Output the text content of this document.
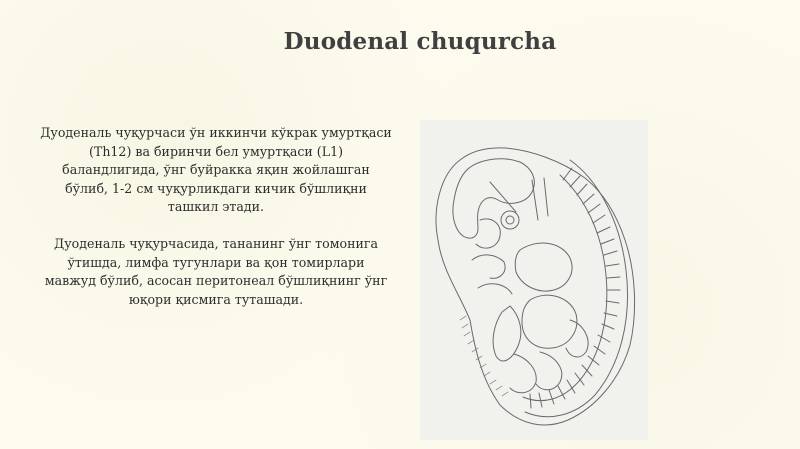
Duodenal chuqurcha

Дуоденаль чуқурчаси ўн иккинчи кўкрак умуртқаси (Th12) ва биринчи бел умуртқаси (L1) баландлигида, ўнг буйракка яқин жойлашган бўлиб, 1-2 см чуқурликдаги кичик бўшлиқни ташкил этади.

Дуоденаль чуқурчасида, тананинг ўнг томонига ўтишда, лимфа тугунлари ва қон томирлари мавжуд бўлиб, асосан перитонеал бўшлиқнинг ўнг юқори қисмига туташади.
